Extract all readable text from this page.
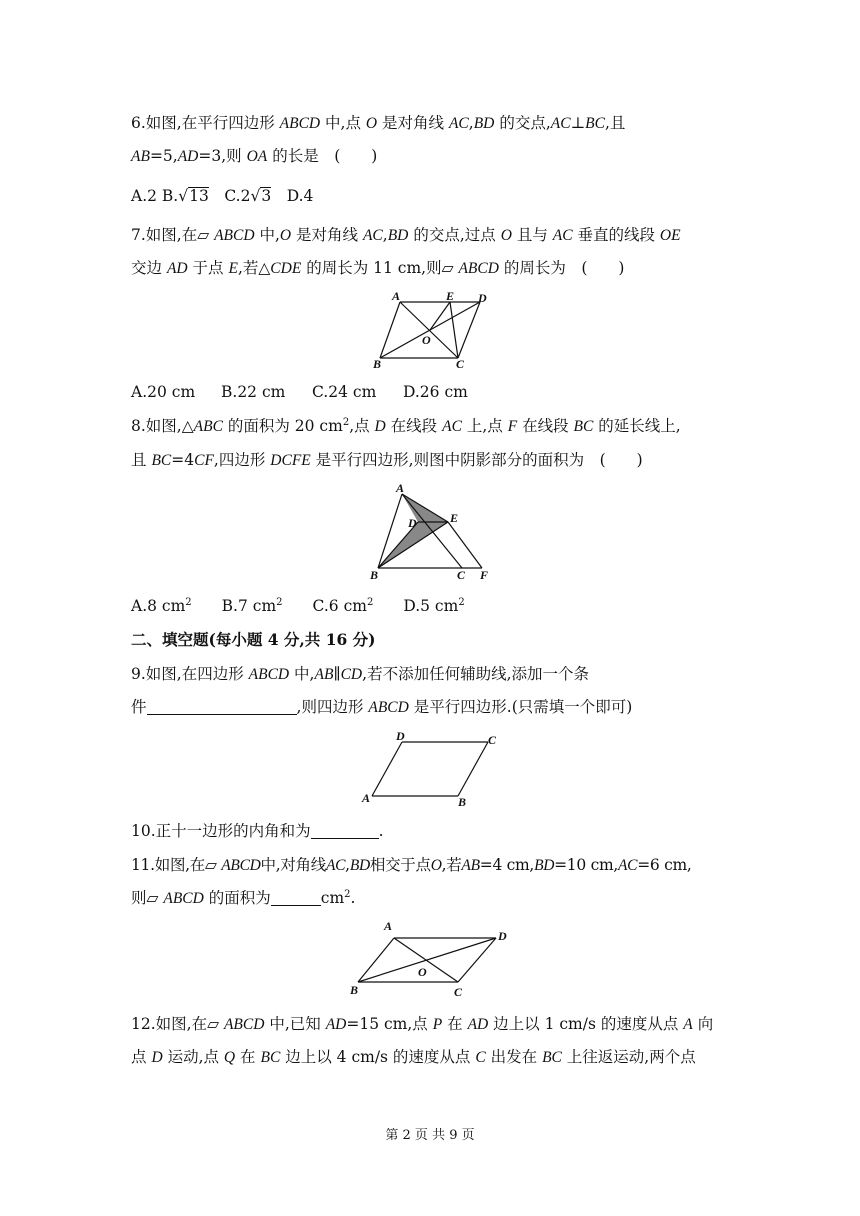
6.如图,在平行四边形 ABCD 中,点 O 是对角线 AC,BD 的交点,AC⊥BC,且
AB=5,AD=3,则 OA 的长是　(　　)
A.2 B.√13　C.2√3　D.4
7.如图,在▱ ABCD 中,O 是对角线 AC,BD 的交点,过点 O 且与 AC 垂直的线段 OE
交边 AD 于点 E,若△CDE 的周长为 11 cm,则▱ ABCD 的周长为　(　　)
A	E D
O
B	C
A.20 cm B.22 cm C.24 cm D.26 cm
8.如图,△ABC 的面积为 20 $cm^2$,点 D 在线段 AC 上,点 F 在线段 BC 的延长线上,
且 BC=4CF,四边形 DCFE 是平行四边形,则图中阴影部分的面积为　(　　)
A
D	E
B	C F
A.8 $cm^2$ B.7 $cm^2$ C.6 $cm^2$ D.5 $cm^2$
二、填空题(每小题 4 分,共 16 分)
9.如图,在四边形 ABCD 中,AB∥CD,若不添加任何辅助线,添加一个条
件	,则四边形 ABCD 是平行四边形.(只需填一个即可)
D	C
A	B
10.正十一边形的内角和为	.
11.如图,在▱ ABCD中,对角线AC,BD相交于点O,若AB=4 cm,BD=10 cm,AC=6 cm,
则▱ ABCD 的面积为	$cm^2$.
A
D
O
B	C
12.如图,在▱ ABCD 中,已知 AD=15 cm,点 P 在 AD 边上以 1 cm/s 的速度从点 A 向
点 D 运动,点 Q 在 BC 边上以 4 cm/s 的速度从点 C 出发在 BC 上往返运动,两个点
第 2 页 共 9 页
